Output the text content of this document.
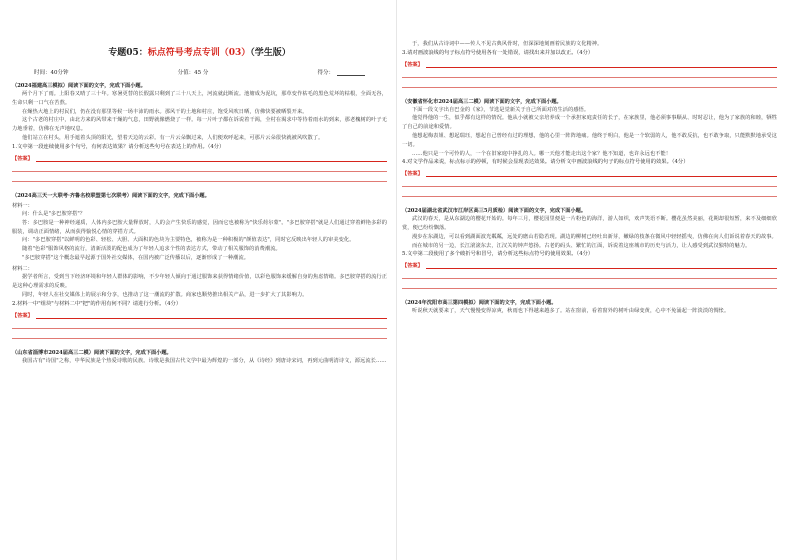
专题05：标点符号考点专训（03）（学生版）
时间：40分钟	分值：45 分	得分：
（2024福建高三模拟）阅读下面的文字，完成下面小题。
两个月下了雨。上阳春又晴了三十年。寒暑更替的长假露只剩到了三十八天上，河流就此断流。池塘成为泥坑，那草变作枯毛的黑色荒坏的枯根，全面无谷，生命只剩一口气在苦熬。
在燥热大地上的村民们，仍在没有那里等候一场丰沛的雨水。那风干的土地和村庄，饱受风吹日晒，仿佛快要被晒裂开来。
这个古老的村庄中，由北方来的风带来干燥的气息，田野就像燃烧了一样。每一片叶子都在诉说着干渴，全村在渴求中等待着雨水的到来，那老槐树的叶子无力地垂着，仿佛在无声地叹息。
他们站立在村头，用手遮着头顶的阳光，望着天边的云彩。有一片云朵飘过来，人们便欢呼起来，可那片云朵很快就被风吹散了。
1.文中第一段连续使用多个句号，有何表达效果？请分析这些句号在表达上的作用。（4分）
【答案】
（2024高三天一大联考·齐鲁名校联盟第七次联考）阅读下面的文字，完成下面小题。
材料一：
问：什么是"多巴胺穿搭"？
答：多巴胺是一种神经递质，人体内多巴胺大量释放时，人的会产生快乐的感觉，因而它也被称为"快乐荷尔蒙"。"多巴胺穿搭"就是人们通过穿着鲜艳多彩的服装，调动正面情绪，从而获得愉悦心情的穿搭方式。
问："多巴胺穿搭"以鲜明的色彩、轻松、大胆、大面积的色块为主要特色，被称为是一种积极的"颜值表达"，同时它反映出年轻人的审美变化。
随着"色彩"服饰风格的流行，清新活泼的配色成为了年轻人追求个性的表达方式，带动了相关服饰的消费潮流。
"多巴胺穿搭"这个概念最早起源于国外社交媒体，在国内被广泛传播以后，逐渐形成了一种潮流。
材料二：
据学者所言，受到当下经济环境和年轻人群体的影响，不少年轻人倾向于通过服饰来获得情绪价值，以彩色服饰来缓解自身的焦虑情绪。多巴胺穿搭的流行正是这种心理需求的反映。
同时，年轻人在社交媒体上的展示和分享，也推动了这一潮流的扩散。商家也顺势推出相关产品，进一步扩大了其影响力。
2.材料一中"组块"与材料二中"把"的作用有何不同？请进行分析。（4分）
【答案】
（山东省淄博市2024届高三二模）阅读下面的文字，完成下面小题。
我国古有"诗国"之称，中华民族是个热爱诗歌的民族。诗歌是我国古代文学中最为辉煌的一部分，从《诗经》到唐诗宋词，再到元曲明清诗文，源远流长……
于，我们从古诗词中——传人不见古典风骨时，但深深地刻画着民族的文化精神。
3.请对画波浪线的句子标点符号使用各有一处错误，请找出来并加以改正。（4分）
【答案】
（安徽省怀化市2024届高三二模）阅读下面的文字，完成下面小题。
下面一段文字出自巴金的《家》，节选是觉新关于自己所面对的生活的感悟。
他觉得他的一生，似乎都有这样的情况。他从小就被父亲培养成一个承担家庭责任的长子，在家族里，他必须事事顺从、时时忍让，他为了家族的和睦，牺牲了自己的前途和爱情。
他想起梅表姐、想起瑞珏，想起自己曾经有过的理想，他的心里一阵阵地痛。他终于明白，他是一个软弱的人，他不敢反抗，也不敢争取，只能默默地承受这一切。
……他只是一个可怜的人，一个在旧家庭中挣扎的人。哪一天他才能走出这个家？他不知道，也许永远也不能！
4.对文学作品来说，标点标示的停顿，有时候会显现表达效果。请分析文中画波浪线的句子的标点符号使用的效果。（4分）
【答案】
（2024届湖北省武汉市江岸区高三5月质检）阅读下面的文字，完成下面小题。
武汉的春天，是从东湖边的樱花开始的。每年三月，樱花园里便是一片粉色的海洋，游人如织，欢声笑语不断。樱花虽然美丽，花期却很短暂，来不及细细欣赏，便已纷纷飘落。
漫步在东湖边，可以看到湖面波光粼粼，远处的磨山若隐若现。湖边的柳树已经吐出新芽，嫩绿的枝条在微风中轻轻摇曳，仿佛在向人们诉说着春天的故事。
而在城市的另一边，长江滚滚东去，江汉关的钟声悠扬。古老的码头、繁忙的江面，诉说着这座城市的历史与活力，让人感受到武汉独特的魅力。
5.文中第二段使用了多个破折号和冒号，请分析这些标点符号的使用效果。（4分）
【答案】
（2024年沈阳市高三第四模拟）阅读下面的文字，完成下面小题。
听说秋天就要来了，天气慢慢变得凉爽，秋雨也下得越来越多了。站在窗前，看着窗外的树叶由绿变黄，心中不免涌起一阵淡淡的惆怅。
